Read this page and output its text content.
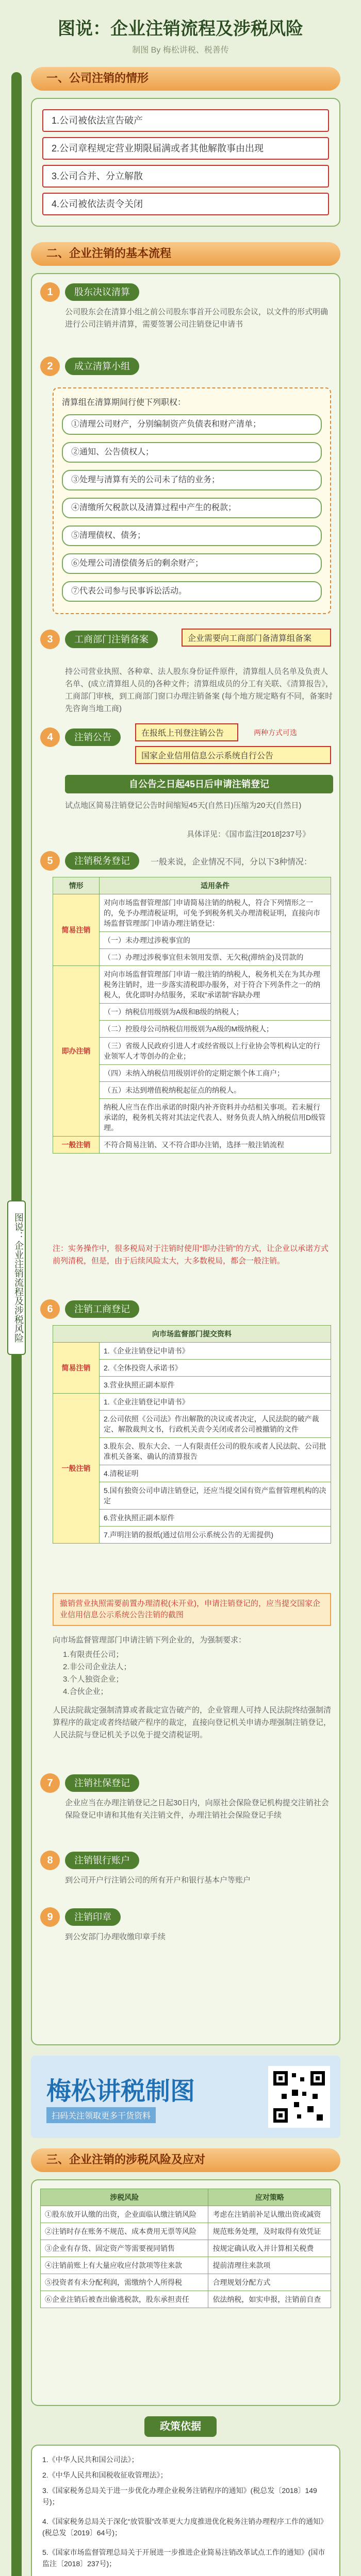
图说：企业注销流程及涉税风险
制图 By 梅松讲税、税善传
图说：企业注销流程及涉税风险
一、公司注销的情形
1.公司被依法宣告破产
2.公司章程规定营业期限届满或者其他解散事由出现
3.公司合并、分立解散
4.公司被依法责令关闭
二、企业注销的基本流程
1	股东决议清算
公司股东会在清算小组之前公司股东事首开公司股东会议，以文件的形式明确进行公司注销并清算，需要签署公司注销登记申请书
2	成立清算小组
清算组在清算期间行使下列职权：
①清理公司财产，分别编制资产负债表和财产清单；
②通知、公告债权人；
③处理与清算有关的公司未了结的业务；
④清缴所欠税款以及清算过程中产生的税款；
⑤清理债权、债务；
⑥处理公司清偿债务后的剩余财产；
⑦代表公司参与民事诉讼活动。
3	工商部门注销备案	企业需要向工商部门备清算组备案
持公司营业执照、各种章、法人股东身份证件原件，清算组人员名单及负责人名单、(成立清算组人员的)各种文件；清算组成员的分工有关联、《清算报告》，工商部门审核，到工商部门窗口办理注销备案 (每个地方规定略有不同，备案时先咨询当地工商)
4	注销公告	在报纸上刊登注销公告	两种方式可选
国家企业信用信息公示系统自行公告
自公告之日起45日后申请注销登记
试点地区简易注销登记公告时间缩短45天(自然日)压缩为20天(自然日)
具体详见：《国市监注[2018]237号》
5	注销税务登记	一般来说，企业情况不同，分以下3种情况：
情形	适用条件
简易注销	对向市场监督管理部门申请简易注销的纳税人，符合下列情形之一的，免予办理清税证明，可免予到税务机关办理清税证明，直接向市场监督管理部门申请办理注销登记：
	（一）未办理过涉税事宜的
	（二）办理过涉税事宜但未领用发票、无欠税(滞纳金)及罚款的
即办注销	对向市场监督管理部门申请一般注销的纳税人，税务机关在为其办理税务注销时，进一步落实清税即办服务，对于符合下列条件之一的纳税人，优化即时办结服务，采取“承诺制”容缺办理
	（一）纳税信用级别为A级和B级的纳税人；
	（二）控股母公司纳税信用级别为A级的M级纳税人；
	（三）省级人民政府引进人才或经省级以上行业协会等机构认定的行业领军人才等创办的企业；
	（四）未纳入纳税信用级别评价的定期定额个体工商户；
	（五）未达到增值税纳税起征点的纳税人。
	纳税人应当在作出承诺的时限内补齐资料并办结相关事项。若未履行承诺的，税务机关将对其法定代表人、财务负责人纳入纳税信用D级管理。
一般注销	不符合简易注销、又不符合即办注销，选择一般注销流程
注：实务操作中，很多税局对于注销时使用“即办注销”的方式，让企业以承诺方式前列清税，但是，由于后续风险太大，大多数税局，都会一般注销。
6	注销工商登记
向市场监督部门提交资料	
简易注销	1.《企业注销登记申请书》
	2.《全体投资人承诺书》
	3.营业执照正副本原件
一般注销	1.《企业注销登记申请书》
	2.公司依照《公司法》作出解散的决议或者决定，人民法院的破产裁定、解散裁判文书，行政机关责令关闭或者公司被撤销的文件
	3.股东会、股东大会、一人有限责任公司的股东或者人民法院、公司批准机关备案、确认的清算报告
	4.清税证明
	5.国有独资公司申请注销登记，还应当提交国有资产监督管理机构的决定
	6.营业执照正副本原件
	7.声明注销的报纸(通过信用公示系统公告的无需提供)
撤销营业执照需要前置办理清税(未开业)，申请注销登记的，应当提交国家企业信用信息公示系统公告注销的截图
向市场监督管理部门申请注销下列企业的，为强制要求：
1.有限责任公司；
2.非公司企业法人；
3.个人独资企业；
4.合伙企业；
人民法院裁定强制清算或者裁定宣告破产的，企业管理人可持人民法院终结强制清算程序的裁定或者终结破产程序的裁定，直接向登记机关申请办理强制注销登记，人民法院与登记机关予以免于提交清税证明。
7	注销社保登记
企业应当在办理注销登记之日起30日内，向原社会保险登记机构提交注销社会保险登记申请和其他有关注销文件，办理注销社会保险登记手续
8	注销银行账户
到公司开户行注销公司的所有开户和银行基本户等账户
9	注销印章
到公安部门办理收缴印章手续
梅松讲税制图
扫码关注领取更多干货资料
三、企业注销的涉税风险及应对
涉税风险	应对策略
①股东放开认缴的出资，企业面临认缴注销风险	考虑在注销前补足认缴出资或减资
②注销时存在账务不规范、成本费用无票等风险	规范账务处理，及时取得有效凭证
③企业有存货、固定资产等需要视同销售	按规定确认收入并计算相关税费
④注销前账上有大量应收应付款项等往来款	提前清理往来款项
⑤投资者有未分配利润，需缴纳个人所得税	合理规划分配方式
⑥企业注销后被查出偷逃税款，股东承担责任	依法纳税，如实申报，注销前自查
政策依据
1.《中华人民共和国公司法》；
2.《中华人民共和国税收征收管理法》；
3.《国家税务总局关于进一步优化办理企业税务注销程序的通知》(税总发〔2018〕149号)；
4.《国家税务总局关于深化“放管服”改革更大力度推进优化税务注销办理程序工作的通知》(税总发〔2019〕64号)；
5.《国家市场监督管理总局关于开展进一步推进企业简易注销改革试点工作的通知》(国市监注〔2018〕237号)；
